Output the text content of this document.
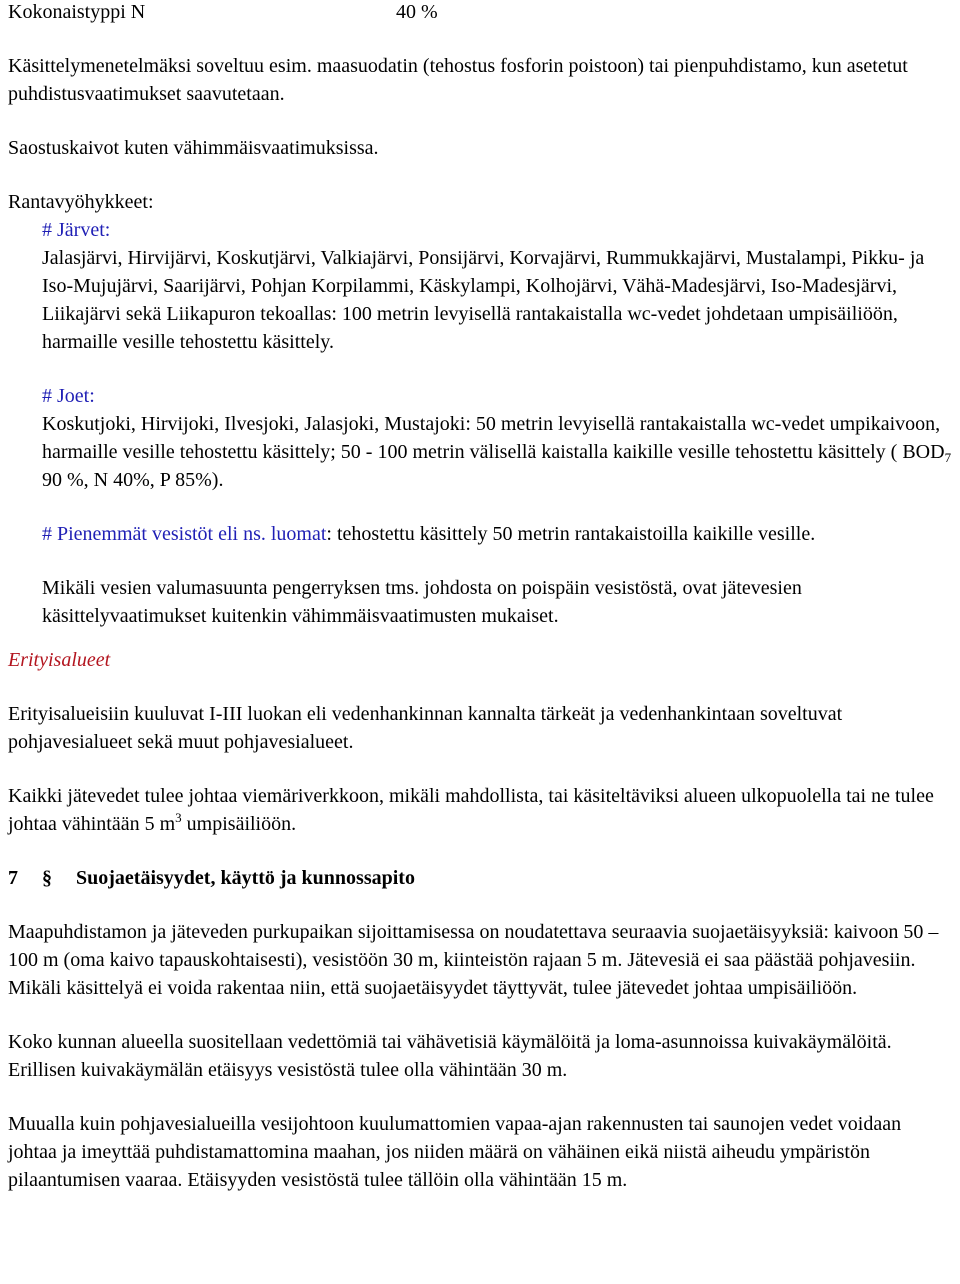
Kokonaistyppi N	40 %

Käsittelymenetelmäksi soveltuu esim. maasuodatin (tehostus fosforin poistoon) tai pienpuhdistamo, kun asetetut puhdistusvaatimukset saavutetaan.

Saostuskaivot kuten vähimmäisvaatimuksissa.

Rantavyöhykkeet:

# Järvet:

Jalasjärvi, Hirvijärvi, Koskutjärvi, Valkiajärvi, Ponsijärvi, Korvajärvi, Rummukkajärvi, Mustalampi, Pikku- ja Iso-Mujujärvi, Saarijärvi, Pohjan Korpilammi, Käskylampi, Kolhojärvi, Vähä-Madesjärvi, Iso-Madesjärvi, Liikajärvi sekä Liikapuron tekoallas: 100 metrin levyisellä rantakaistalla wc-vedet johdetaan umpisäiliöön, harmaille vesille tehostettu käsittely.

# Joet:

Koskutjoki, Hirvijoki, Ilvesjoki, Jalasjoki, Mustajoki: 50 metrin levyisellä rantakaistalla wc-vedet umpikaivoon, harmaille vesille tehostettu käsittely; 50 - 100 metrin välisellä kaistalla kaikille vesille tehostettu käsittely ( $BOD_7$ 90 %, N 40%, P 85%).

# Pienemmät vesistöt eli ns. luomat: tehostettu käsittely 50 metrin rantakaistoilla kaikille vesille.

Mikäli vesien valumasuunta pengerryksen tms. johdosta on poispäin vesistöstä, ovat jätevesien käsittelyvaatimukset kuitenkin vähimmäisvaatimusten mukaiset.

Erityisalueet

Erityisalueisiin kuuluvat I-III luokan eli vedenhankinnan kannalta tärkeät ja vedenhankintaan soveltuvat pohjavesialueet sekä muut pohjavesialueet.

Kaikki jätevedet tulee johtaa viemäriverkkoon, mikäli mahdollista, tai käsiteltäviksi alueen ulkopuolella tai ne tulee johtaa vähintään 5 $m^3$ umpisäiliöön.

7 § Suojaetäisyydet, käyttö ja kunnossapito

Maapuhdistamon ja jäteveden purkupaikan sijoittamisessa on noudatettava seuraavia suojaetäisyyksiä: kaivoon 50 –100 m (oma kaivo tapauskohtaisesti), vesistöön 30 m, kiinteistön rajaan 5 m. Jätevesiä ei saa päästää pohjavesiin. Mikäli käsittelyä ei voida rakentaa niin, että suojaetäisyydet täyttyvät, tulee jätevedet johtaa umpisäiliöön.

Koko kunnan alueella suositellaan vedettömiä tai vähävetisiä käymälöitä ja loma-asunnoissa kuivakäymälöitä. Erillisen kuivakäymälän etäisyys vesistöstä tulee olla vähintään 30 m.

Muualla kuin pohjavesialueilla vesijohtoon kuulumattomien vapaa-ajan rakennusten tai saunojen vedet voidaan johtaa ja imeyttää puhdistamattomina maahan, jos niiden määrä on vähäinen eikä niistä aiheudu ympäristön pilaantumisen vaaraa. Etäisyyden vesistöstä tulee tällöin olla vähintään 15 m.
